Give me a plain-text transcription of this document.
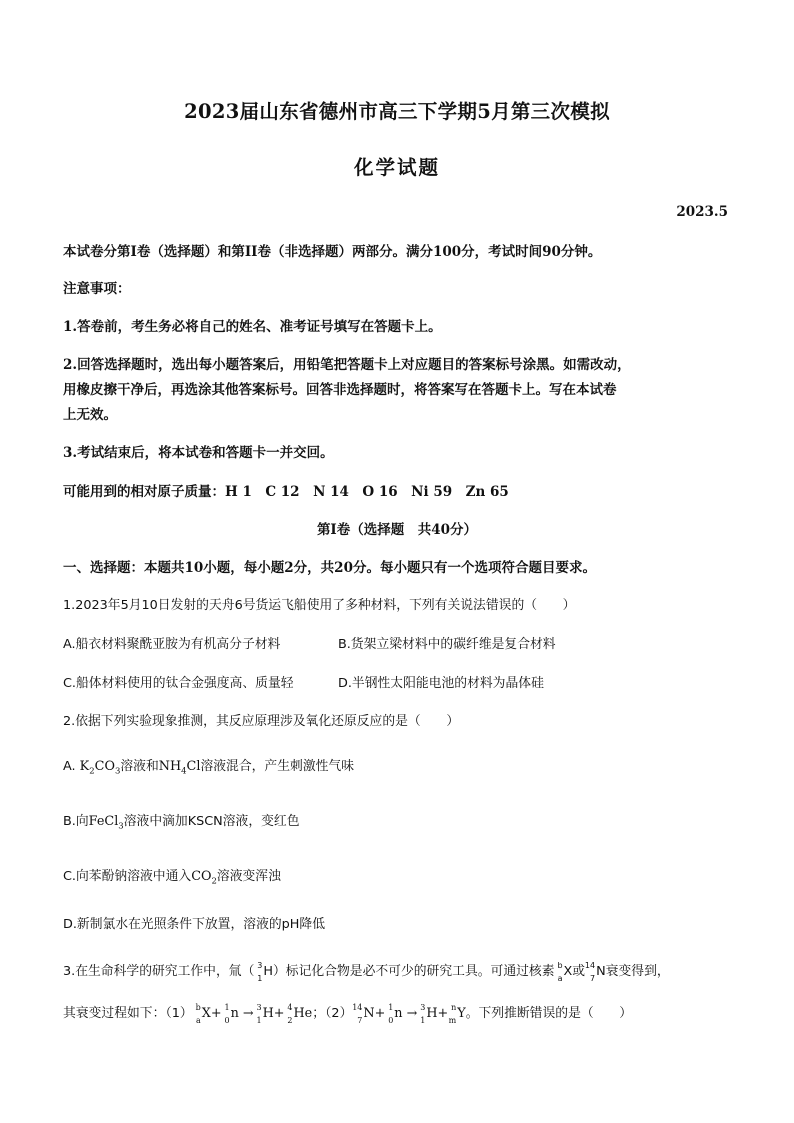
2023届山东省德州市高三下学期5月第三次模拟
化学试题
2023.5
本试卷分第I卷（选择题）和第II卷（非选择题）两部分。满分100分，考试时间90分钟。
注意事项：
1.答卷前，考生务必将自己的姓名、准考证号填写在答题卡上。
2.回答选择题时，选出每小题答案后，用铅笔把答题卡上对应题目的答案标号涂黑。如需改动，
用橡皮擦干净后，再选涂其他答案标号。回答非选择题时，将答案写在答题卡上。写在本试卷
上无效。
3.考试结束后，将本试卷和答题卡一并交回。
可能用到的相对原子质量：H 1　C 12　N 14　O 16　Ni 59　Zn 65
第I卷（选择题　共40分）
一、选择题：本题共10小题，每小题2分，共20分。每小题只有一个选项符合题目要求。
1.2023年5月10日发射的天舟6号货运飞船使用了多种材料，下列有关说法错误的（　　）
A.船衣材料聚酰亚胺为有机高分子材料	B.货架立梁材料中的碳纤维是复合材料
C.船体材料使用的钛合金强度高、质量轻	D.半钢性太阳能电池的材料为晶体硅
2.依据下列实验现象推测，其反应原理涉及氧化还原反应的是（　　）
A. $K_2CO_3$溶液和$NH_4Cl$溶液混合，产生刺激性气味
B.向FeCl$_3$溶液中滴加KSCN溶液，变红色
C.向苯酚钠溶液中通入$CO_2$溶液变浑浊
D.新制氯水在光照条件下放置，溶液的pH降低
3.在生命科学的研究工作中，氚（ 3
1 H）标记化合物是必不可少的研究工具。可通过核素 b
a X或 14
7 N衰变得到，
其衰变过程如下：（1） b
a X+ 1
0 n → 3
1 H+ 4
2 He；（2） 14
7 N+ 1
0 n → 3
1 H+ n
m Y。下列推断错误的是（　　）
